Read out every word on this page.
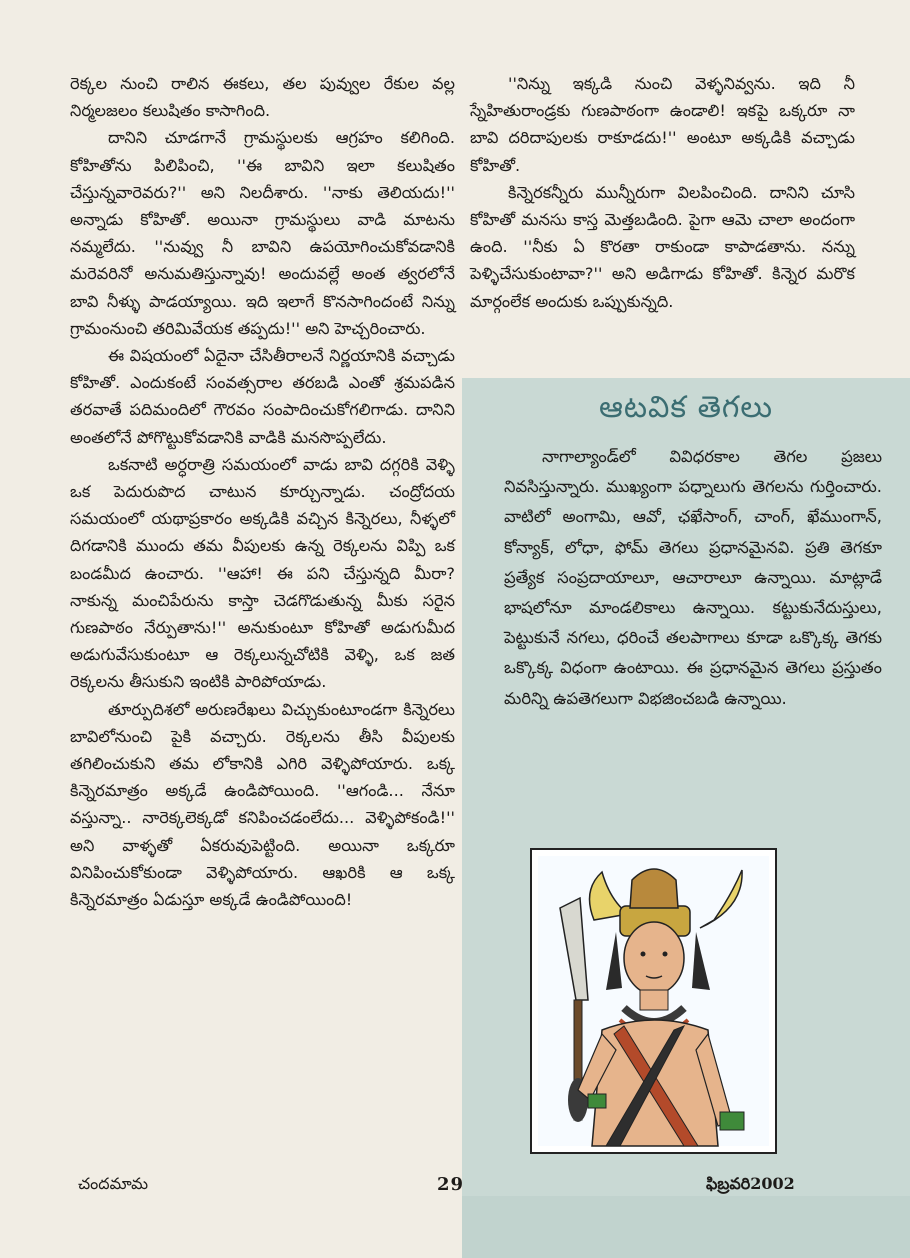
రెక్కల నుంచి రాలిన ఈకలు, తల పువ్వుల రేకుల వల్ల నిర్మలజలం కలుషితం కాసాగింది.

దానిని చూడగానే గ్రామస్థులకు ఆగ్రహం కలిగింది. కోహితోను పిలిపించి, ''ఈ బావిని ఇలా కలుషితం చేస్తున్నవారెవరు?'' అని నిలదీశారు. ''నాకు తెలియదు!'' అన్నాడు కోహితో. అయినా గ్రామస్థులు వాడి మాటను నమ్మలేదు. ''నువ్వు నీ బావిని ఉపయోగించుకోవడానికి మరెవరినో అనుమతిస్తున్నావు! అందువల్లే అంత త్వరలోనే బావి నీళ్ళు పాడయ్యాయి. ఇది ఇలాగే కొనసాగిందంటే నిన్ను గ్రామంనుంచి తరిమివేయక తప్పదు!'' అని హెచ్చరించారు.

ఈ విషయంలో ఏదైనా చేసితీరాలనే నిర్ణయానికి వచ్చాడు కోహితో. ఎందుకంటే సంవత్సరాల తరబడి ఎంతో శ్రమపడిన తరవాతే పదిమందిలో గౌరవం సంపాదించుకోగలిగాడు. దానిని అంతలోనే పోగొట్టుకోవడానికి వాడికి మనసొప్పలేదు.

ఒకనాటి అర్ధరాత్రి సమయంలో వాడు బావి దగ్గరికి వెళ్ళి ఒక పెదురుపొద చాటున కూర్చున్నాడు. చంద్రోదయ సమయంలో యథాప్రకారం అక్కడికి వచ్చిన కిన్నెరలు, నీళ్ళలో దిగడానికి ముందు తమ వీపులకు ఉన్న రెక్కలను విప్పి ఒక బండమీద ఉంచారు. ''ఆహా! ఈ పని చేస్తున్నది మీరా? నాకున్న మంచిపేరును కాస్తా చెడగొడుతున్న మీకు సరైన గుణపాఠం నేర్పుతాను!'' అనుకుంటూ కోహితో అడుగుమీద అడుగువేసుకుంటూ ఆ రెక్కలున్నచోటికి వెళ్ళి, ఒక జత రెక్కలను తీసుకుని ఇంటికి పారిపోయాడు.

తూర్పుదిశలో అరుణరేఖలు విచ్చుకుంటూండగా కిన్నెరలు బావిలోనుంచి పైకి వచ్చారు. రెక్కలను తీసి వీపులకు తగిలించుకుని తమ లోకానికి ఎగిరి వెళ్ళిపోయారు. ఒక్క కిన్నెరమాత్రం అక్కడే ఉండిపోయింది. ''ఆగండి... నేనూ వస్తున్నా.. నారెక్కలెక్కడో కనిపించడంలేదు... వెళ్ళిపోకండి!'' అని వాళ్ళతో ఏకరువుపెట్టింది. అయినా ఒక్కరూ వినిపించుకోకుండా వెళ్ళిపోయారు. ఆఖరికి ఆ ఒక్క కిన్నెరమాత్రం ఏడుస్తూ అక్కడే ఉండిపోయింది!

''నిన్ను ఇక్కడి నుంచి వెళ్ళనివ్వను. ఇది నీ స్నేహితురాండ్రకు గుణపాఠంగా ఉండాలి! ఇకపై ఒక్కరూ నా బావి దరిదాపులకు రాకూడదు!'' అంటూ అక్కడికి వచ్చాడు కోహితో.

కిన్నెరకన్నీరు మున్నీరుగా విలపించింది. దానిని చూసి కోహితో మనసు కాస్త మెత్తబడింది. పైగా ఆమె చాలా అందంగా ఉంది. ''నీకు ఏ కొరతా రాకుండా కాపాడతాను. నన్ను పెళ్ళిచేసుకుంటావా?'' అని అడిగాడు కోహితో. కిన్నెర మరొక మార్గంలేక అందుకు ఒప్పుకున్నది.

ఆటవిక తెగలు

నాగాల్యాండ్‌లో వివిధరకాల తెగల ప్రజలు నివసిస్తున్నారు. ముఖ్యంగా పధ్నాలుగు తెగలను గుర్తించారు. వాటిలో అంగామి, ఆవో, ఛఖేసాంగ్, చాంగ్, ఖేముంగాన్, కోన్యాక్, లోధా, ఫోమ్ తెగలు ప్రధానమైనవి. ప్రతి తెగకూ ప్రత్యేక సంప్రదాయాలూ, ఆచారాలూ ఉన్నాయి. మాట్లాడే భాషలోనూ మాండలికాలు ఉన్నాయి. కట్టుకునేదుస్తులు, పెట్టుకునే నగలు, ధరించే తలపాగాలు కూడా ఒక్కొక్క తెగకు ఒక్కొక్క విధంగా ఉంటాయి. ఈ ప్రధానమైన తెగలు ప్రస్తుతం మరిన్ని ఉపతెగలుగా విభజించబడి ఉన్నాయి.

చందమామ	29	ఫిబ్రవరి2002
